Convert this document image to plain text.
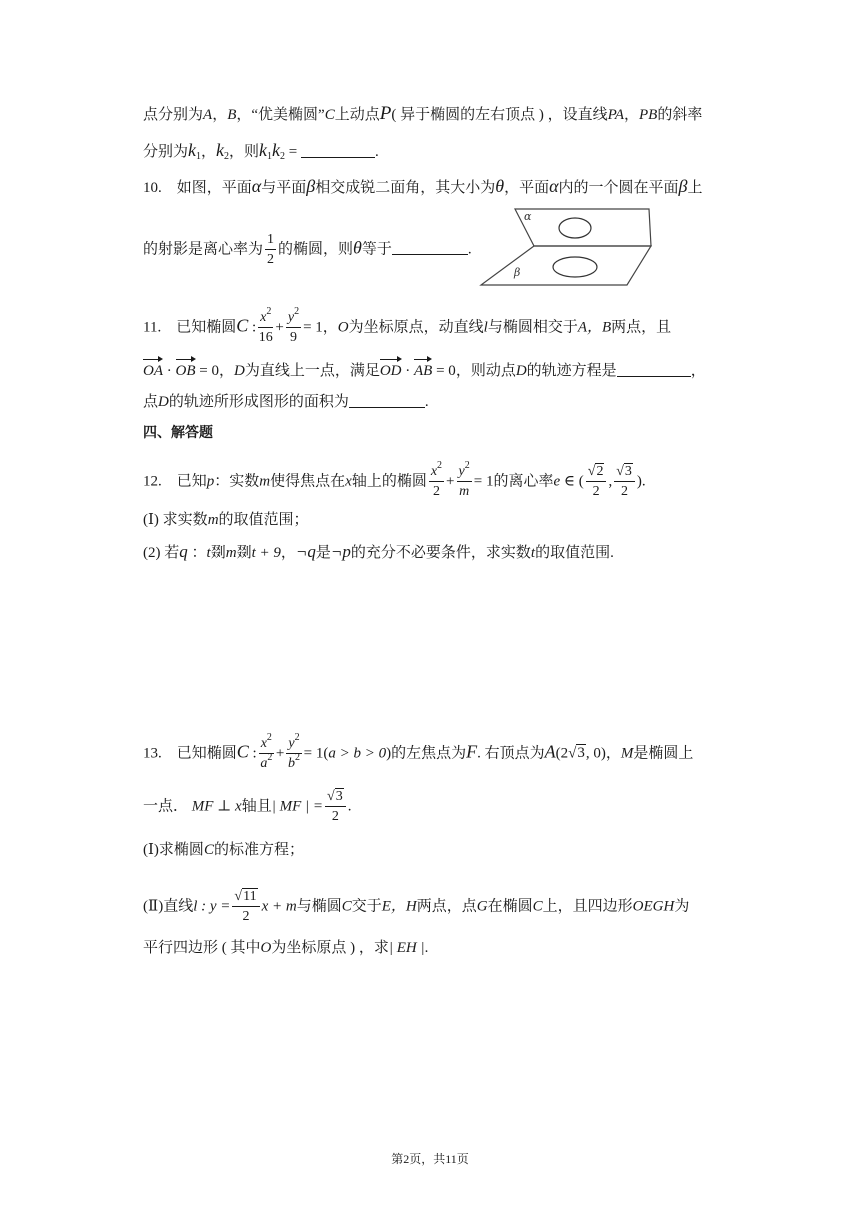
点分别为A，B，“优美椭圆”C上动点P( 异于椭圆的左右顶点 ) ，设直线PA，PB的斜率
分别为$k_1$，$k_2$，则$k_1k_2$ =	.
10. 如图，平面α与平面β相交成锐二面角，其大小为θ，平面α内的一个圆在平面β上
的射影是离心率为 $\frac{1}{2}$ 的椭圆，则θ等于	.
α
β
11. 已知椭圆C : $\frac{x^2}{16} + \frac{y^2}{9} = 1$，O为坐标原点，动直线l与椭圆相交于A，B两点，且
OA · OB = 0，D为直线上一点，满足OD · AB = 0，则动点D的轨迹方程是	，
点D的轨迹所形成图形的面积为	.
四、解答题
12. 已知p：实数m使得焦点在x轴上的椭圆 $\frac{x^2}{2} + \frac{y^2}{m} = 1$的离心率e ∈ ( $\frac{√2}{2}$ , $\frac{√3}{2}$ ).
(Ⅰ) 求实数m的取值范围；
(2) 若q ：t剟m剟t + 9，¬q是¬p的充分不必要条件，求实数t的取值范围.
13. 已知椭圆C : $\frac{x^2}{a^2} + \frac{y^2}{b^2} = 1(a > b > 0)$的左焦点为F. 右顶点为A(2√3, 0)，M是椭圆上
一点． MF ⊥ x轴且| MF | = $\frac{√3}{2}$ .
(Ⅰ)求椭圆C的标准方程；
(Ⅱ)直线l : $y = \frac{√11}{2}$ x + m与椭圆C交于E，H两点，点G在椭圆C上，且四边形OEGH为
平行四边形 ( 其中O为坐标原点 ) ，求| EH |.
第2页，共11页
